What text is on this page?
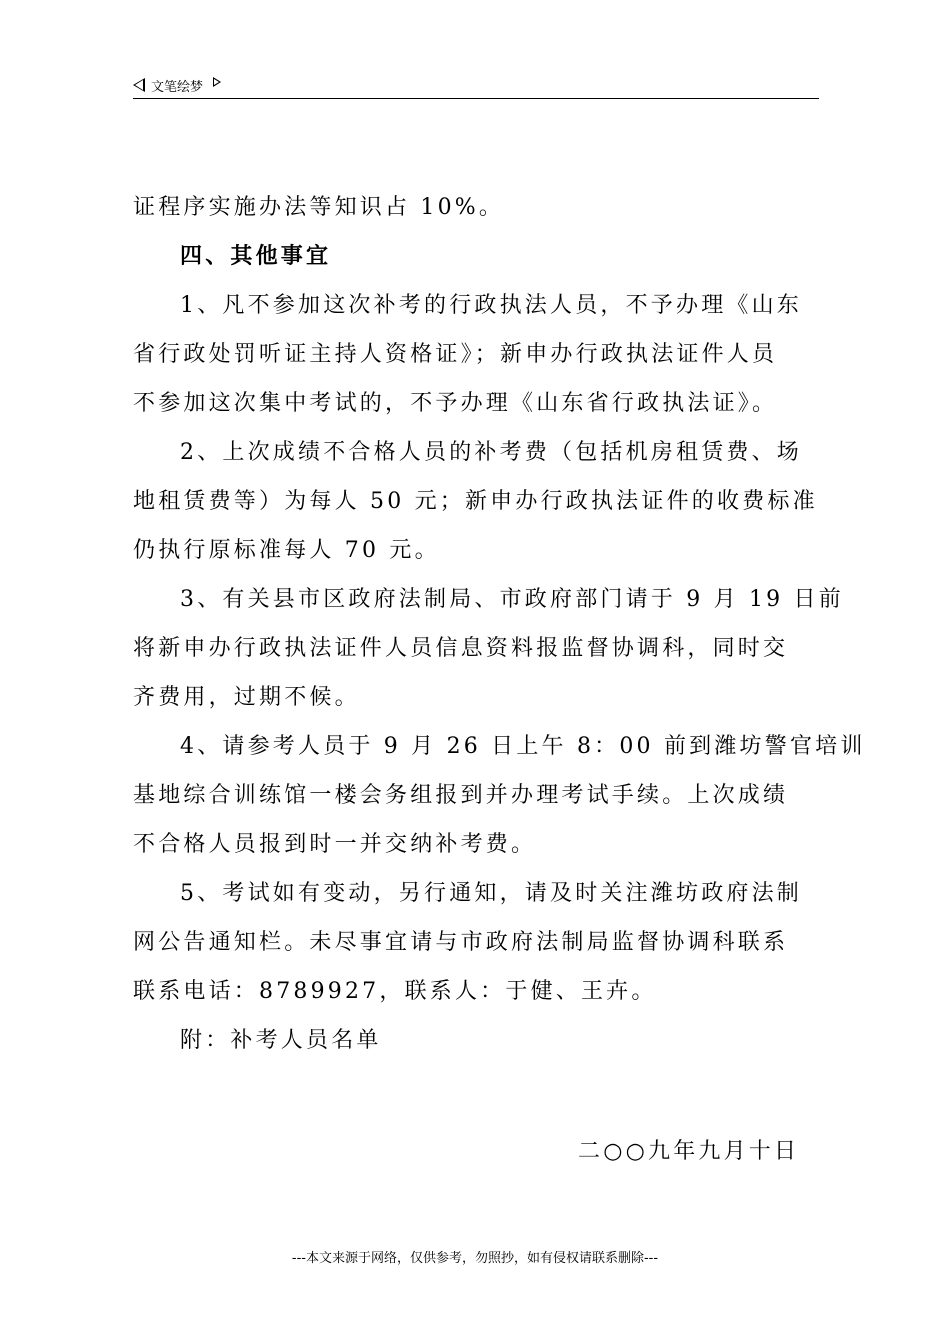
文笔绘梦

证程序实施办法等知识占 10%。

四、其他事宜

1、凡不参加这次补考的行政执法人员，不予办理《山东

省行政处罚听证主持人资格证》；新申办行政执法证件人员

不参加这次集中考试的，不予办理《山东省行政执法证》。

2、上次成绩不合格人员的补考费（包括机房租赁费、场

地租赁费等）为每人 50 元；新申办行政执法证件的收费标准

仍执行原标准每人 70 元。

3、有关县市区政府法制局、市政府部门请于 9 月 19 日前

将新申办行政执法证件人员信息资料报监督协调科，同时交

齐费用，过期不候。

4、请参考人员于 9 月 26 日上午 8：00 前到潍坊警官培训

基地综合训练馆一楼会务组报到并办理考试手续。上次成绩

不合格人员报到时一并交纳补考费。

5、考试如有变动，另行通知，请及时关注潍坊政府法制

网公告通知栏。未尽事宜请与市政府法制局监督协调科联系

联系电话：8789927，联系人：于健、王卉。

附：补考人员名单

二○○九年九月十日
---本文来源于网络，仅供参考，勿照抄，如有侵权请联系删除---
